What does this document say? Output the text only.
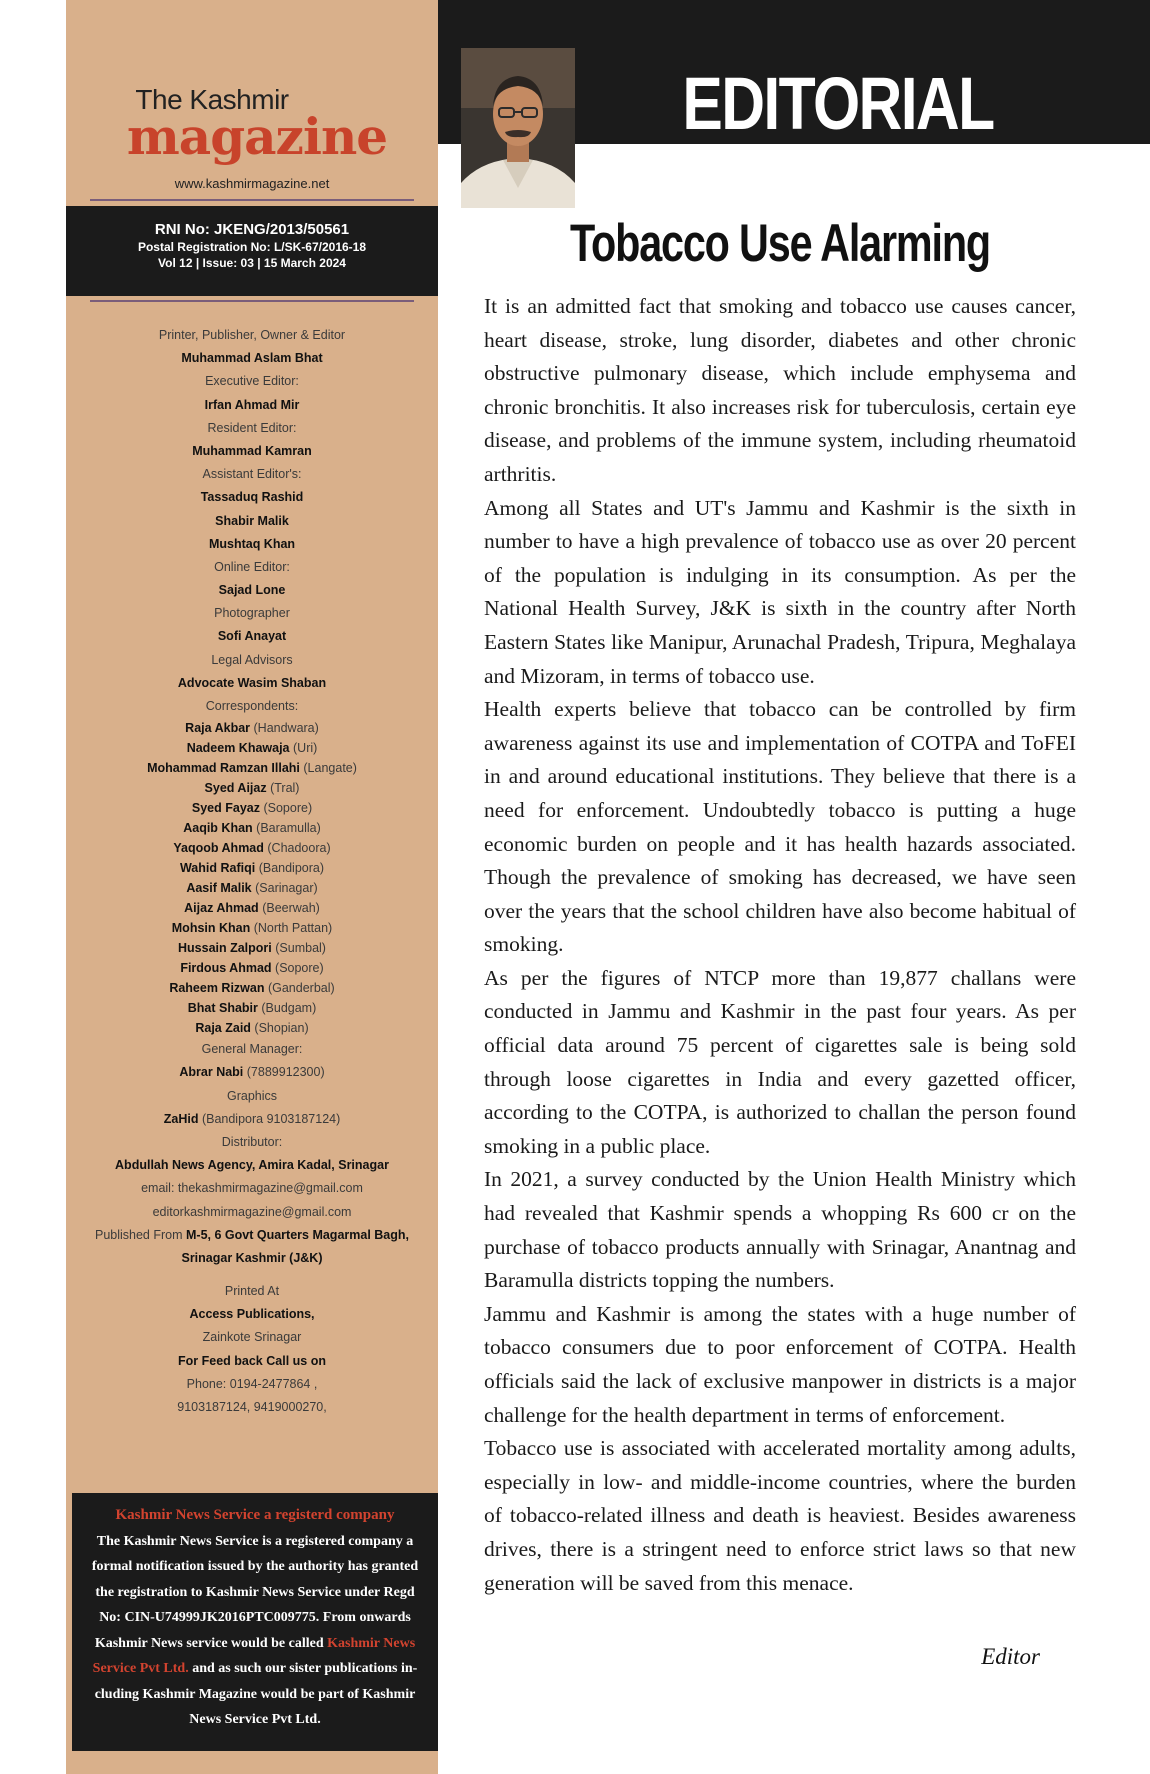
The Kashmir
magazine
www.kashmirmagazine.net
RNI No: JKENG/2013/50561
Postal Registration No: L/SK-67/2016-18
Vol 12 | Issue: 03 | 15 March 2024
Printer, Publisher, Owner & Editor
Muhammad Aslam Bhat
Executive Editor:
Irfan Ahmad Mir
Resident Editor:
Muhammad Kamran
Assistant Editor's:
Tassaduq Rashid
Shabir Malik
Mushtaq Khan
Online Editor:
Sajad Lone
Photographer
Sofi Anayat
Legal Advisors
Advocate Wasim Shaban
Correspondents:
Raja Akbar (Handwara)
Nadeem Khawaja (Uri)
Mohammad Ramzan Illahi (Langate)
Syed Aijaz (Tral)
Syed Fayaz (Sopore)
Aaqib Khan (Baramulla)
Yaqoob Ahmad (Chadoora)
Wahid Rafiqi (Bandipora)
Aasif Malik (Sarinagar)
Aijaz Ahmad (Beerwah)
Mohsin Khan (North Pattan)
Hussain Zalpori (Sumbal)
Firdous Ahmad (Sopore)
Raheem Rizwan (Ganderbal)
Bhat Shabir (Budgam)
Raja Zaid (Shopian)
General Manager:
Abrar Nabi (7889912300)
Graphics
ZaHid (Bandipora 9103187124)
Distributor:
Abdullah News Agency, Amira Kadal, Srinagar
email: thekashmirmagazine@gmail.com
editorkashmirmagazine@gmail.com
Published From M-5, 6 Govt Quarters Magarmal Bagh,
Srinagar Kashmir (J&K)
Printed At
Access Publications,
Zainkote Srinagar
For Feed back Call us on
Phone: 0194-2477864 ,
9103187124, 9419000270,
Kashmir News Service a registerd company
The Kashmir News Service is a registered company a
formal notification issued by the authority has granted
the registration to Kashmir News Service under Regd
No: CIN-U74999JK2016PTC009775. From onwards
Kashmir News service would be called Kashmir News
Service Pvt Ltd. and as such our sister publications in-
cluding Kashmir Magazine would be part of Kashmir
News Service Pvt Ltd.
EDITORIAL
Tobacco Use Alarming

It is an admitted fact that smoking and tobacco use causes cancer, heart disease, stroke, lung disorder, diabetes and other chronic obstructive pulmonary disease, which include emphysema and chronic bronchitis. It also increases risk for tuberculosis, certain eye disease, and problems of the immune system, including rheumatoid arthritis.

Among all States and UT's Jammu and Kashmir is the sixth in number to have a high prevalence of tobacco use as over 20 percent of the population is indulging in its consumption. As per the National Health Survey, J&K is sixth in the country after North Eastern States like Manipur, Arunachal Pradesh, Tripura, Meghalaya and Mizoram, in terms of tobacco use.

Health experts believe that tobacco can be controlled by firm awareness against its use and implementation of COTPA and ToFEI in and around educational institutions. They believe that there is a need for enforcement. Undoubtedly tobacco is putting a huge economic burden on people and it has health hazards associated. Though the prevalence of smoking has decreased, we have seen over the years that the school children have also become habitual of smoking.

As per the figures of NTCP more than 19,877 challans were conducted in Jammu and Kashmir in the past four years. As per official data around 75 percent of cigarettes sale is being sold through loose cigarettes in India and every gazetted officer, according to the COTPA, is authorized to challan the person found smoking in a public place.

In 2021, a survey conducted by the Union Health Ministry which had revealed that Kashmir spends a whopping Rs 600 cr on the purchase of tobacco products annually with Srinagar, Anantnag and Baramulla districts topping the numbers.

Jammu and Kashmir is among the states with a huge number of tobacco consumers due to poor enforcement of COTPA. Health officials said the lack of exclusive manpower in districts is a major challenge for the health department in terms of enforcement.

Tobacco use is associated with accelerated mortality among adults, especially in low- and middle-income countries, where the burden of tobacco-related illness and death is heaviest. Besides awareness drives, there is a stringent need to enforce strict laws so that new generation will be saved from this menace.

Editor
